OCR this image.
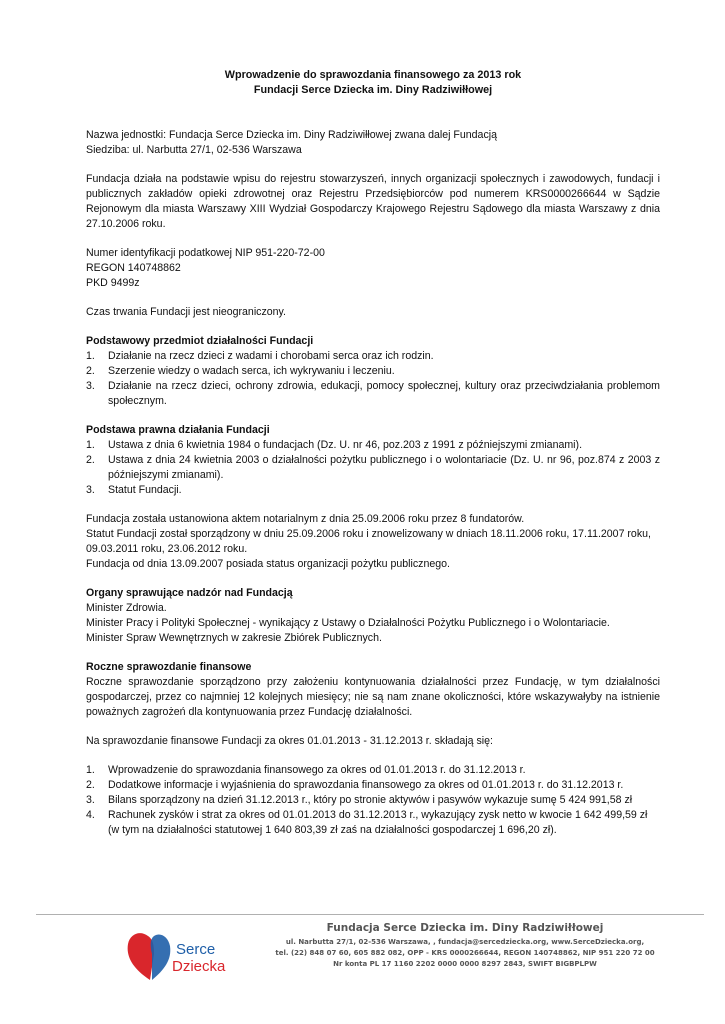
Wprowadzenie do sprawozdania finansowego za 2013 rok
Fundacji Serce Dziecka im. Diny Radziwiłłowej

Nazwa jednostki: Fundacja Serce Dziecka im. Diny Radziwiłłowej zwana dalej Fundacją
Siedziba: ul. Narbutta 27/1, 02-536 Warszawa

Fundacja działa na podstawie wpisu do rejestru stowarzyszeń, innych organizacji społecznych i zawodowych, fundacji i publicznych zakładów opieki zdrowotnej oraz Rejestru Przedsiębiorców pod numerem KRS0000266644 w Sądzie Rejonowym dla miasta Warszawy XIII Wydział Gospodarczy Krajowego Rejestru Sądowego dla miasta Warszawy z dnia 27.10.2006 roku.

Numer identyfikacji podatkowej NIP 951-220-72-00
REGON 140748862
PKD 9499z

Czas trwania Fundacji jest nieograniczony.

Podstawowy przedmiot działalności Fundacji
1. Działanie na rzecz dzieci z wadami i chorobami serca oraz ich rodzin.
2. Szerzenie wiedzy o wadach serca, ich wykrywaniu i leczeniu.
3. Działanie na rzecz dzieci, ochrony zdrowia, edukacji, pomocy społecznej, kultury oraz przeciwdziałania problemom społecznym.
Podstawa prawna działania Fundacji
1. Ustawa z dnia 6 kwietnia 1984 o fundacjach (Dz. U. nr 46, poz.203 z 1991 z późniejszymi zmianami).
2. Ustawa z dnia 24 kwietnia 2003 o działalności pożytku publicznego i o wolontariacie (Dz. U. nr 96, poz.874 z 2003 z późniejszymi zmianami).
3. Statut Fundacji.

Fundacja została ustanowiona aktem notarialnym z dnia 25.09.2006 roku przez 8 fundatorów.
Statut Fundacji został sporządzony w dniu 25.09.2006 roku i znowelizowany w dniach 18.11.2006 roku, 17.11.2007 roku, 09.03.2011 roku, 23.06.2012 roku.
Fundacja od dnia 13.09.2007 posiada status organizacji pożytku publicznego.

Organy sprawujące nadzór nad Fundacją
Minister Zdrowia.
Minister Pracy i Polityki Społecznej - wynikający z Ustawy o Działalności Pożytku Publicznego i o Wolontariacie.
Minister Spraw Wewnętrznych w zakresie Zbiórek Publicznych.
Roczne sprawozdanie finansowe

Roczne sprawozdanie sporządzono przy założeniu kontynuowania działalności przez Fundację, w tym działalności gospodarczej, przez co najmniej 12 kolejnych miesięcy; nie są nam znane okoliczności, które wskazywałyby na istnienie poważnych zagrożeń dla kontynuowania przez Fundację działalności.

Na sprawozdanie finansowe Fundacji za okres 01.01.2013 - 31.12.2013 r. składają się:

1. Wprowadzenie do sprawozdania finansowego za okres od 01.01.2013 r. do 31.12.2013 r.
2. Dodatkowe informacje i wyjaśnienia do sprawozdania finansowego za okres od 01.01.2013 r. do 31.12.2013 r.
3. Bilans sporządzony na dzień 31.12.2013 r., który po stronie aktywów i pasywów wykazuje sumę 5 424 991,58 zł
4. Rachunek zysków i strat za okres od 01.01.2013 do 31.12.2013 r., wykazujący zysk netto w kwocie 1 642 499,59 zł (w tym na działalności statutowej 1 640 803,39 zł zaś na działalności gospodarczej 1 696,20 zł).
Serce
Dziecka
Fundacja Serce Dziecka im. Diny Radziwiłłowej
ul. Narbutta 27/1, 02-536 Warszawa, , fundacja@sercedziecka.org, www.SerceDziecka.org,
tel. (22) 848 07 60, 605 882 082, OPP - KRS 0000266644, REGON 140748862, NIP 951 220 72 00
Nr konta PL 17 1160 2202 0000 0000 8297 2843, SWIFT BIGBPLPW
